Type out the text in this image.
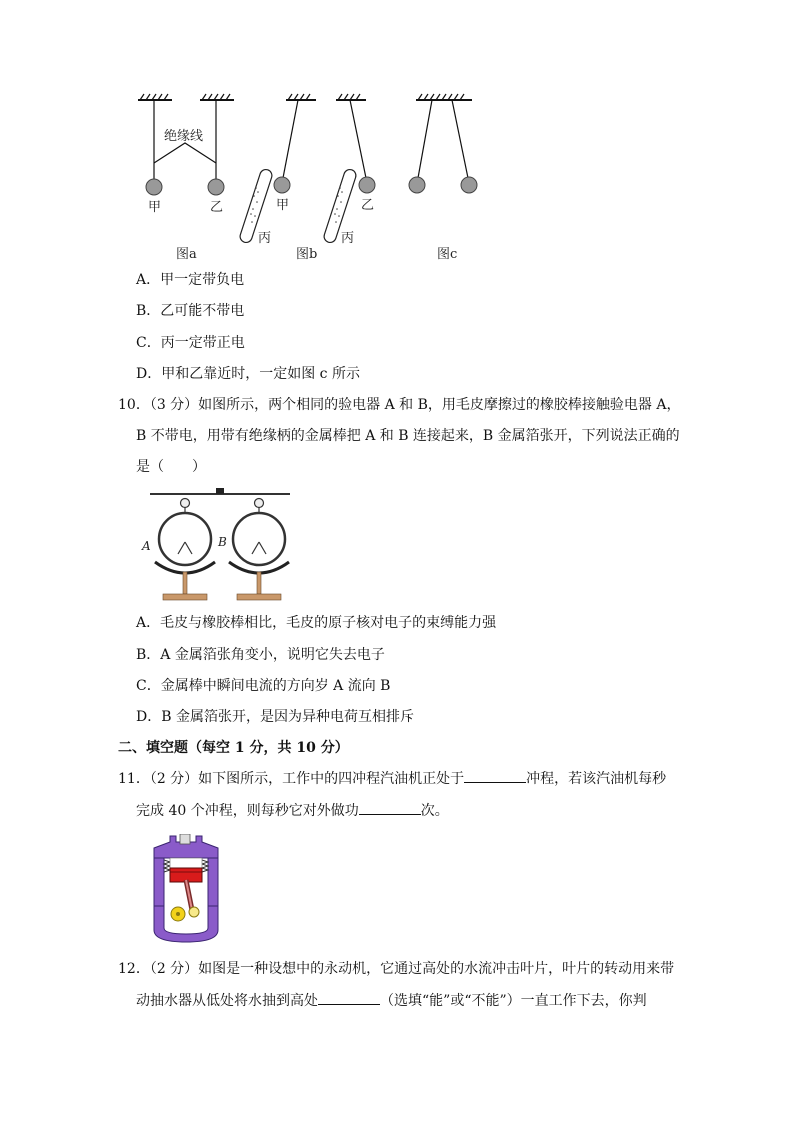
绝缘线
甲	乙
丙
甲
丙
乙
图a	图b	图c
A．甲一定带负电
B．乙可能不带电
C．丙一定带正电
D．甲和乙靠近时，一定如图 c 所示
10．（3 分）如图所示，两个相同的验电器 A 和 B，用毛皮摩擦过的橡胶棒接触验电器 A，
B 不带电，用带有绝缘柄的金属棒把 A 和 B 连接起来，B 金属箔张开，下列说法正确的
是（　　）
A	B
A．毛皮与橡胶棒相比，毛皮的原子核对电子的束缚能力强
B．A 金属箔张角变小，说明它失去电子
C．金属棒中瞬间电流的方向岁 A 流向 B
D．B 金属箔张开，是因为异种电荷互相排斥
二、填空题（每空 1 分，共 10 分）
11．（2 分）如下图所示，工作中的四冲程汽油机正处于	冲程，若该汽油机每秒
完成 40 个冲程，则每秒它对外做功	次。
12．（2 分）如图是一种设想中的永动机，它通过高处的水流冲击叶片，叶片的转动用来带
动抽水器从低处将水抽到高处	（选填“能”或“不能”）一直工作下去，你判
